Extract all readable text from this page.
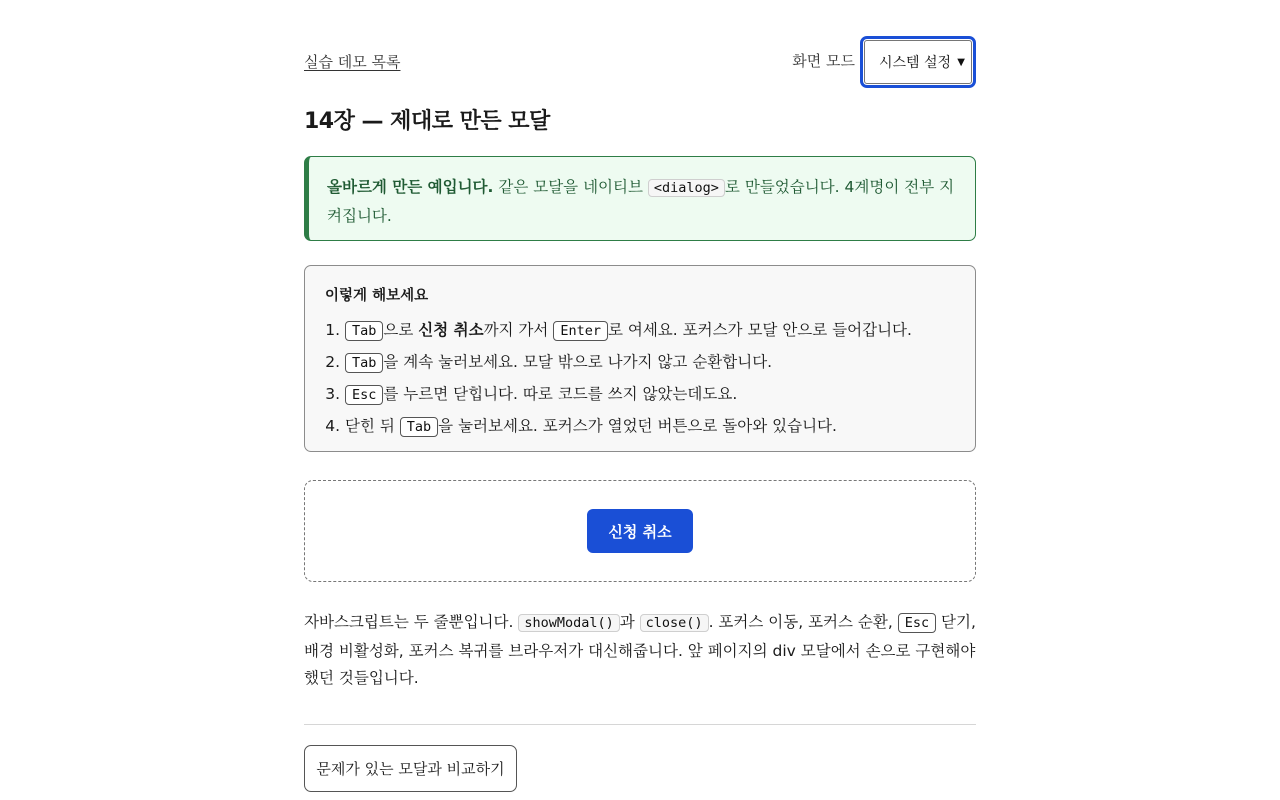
실습 데모 목록	화면 모드 시스템 설정 ▼
14장 — 제대로 만든 모달
올바르게 만든 예입니다. 같은 모달을 네이티브 <dialog> 로 만들었습니다. 4계명이 전부 지켜집니다.

이렇게 해보세요

1. Tab 으로 신청 취소까지 가서 Enter 로 여세요. 포커스가 모달 안으로 들어갑니다.
2. Tab 을 계속 눌러보세요. 모달 밖으로 나가지 않고 순환합니다.
3. Esc 를 누르면 닫힙니다. 따로 코드를 쓰지 않았는데도요.
4. 닫힌 뒤 Tab 을 눌러보세요. 포커스가 열었던 버튼으로 돌아와 있습니다.
신청 취소

자바스크립트는 두 줄뿐입니다. showModal() 과 close() . 포커스 이동, 포커스 순환, Esc 닫기, 배경 비활성화, 포커스 복귀를 브라우저가 대신해줍니다. 앞 페이지의 div 모달에서 손으로 구현해야 했던 것들입니다.

문제가 있는 모달과 비교하기
